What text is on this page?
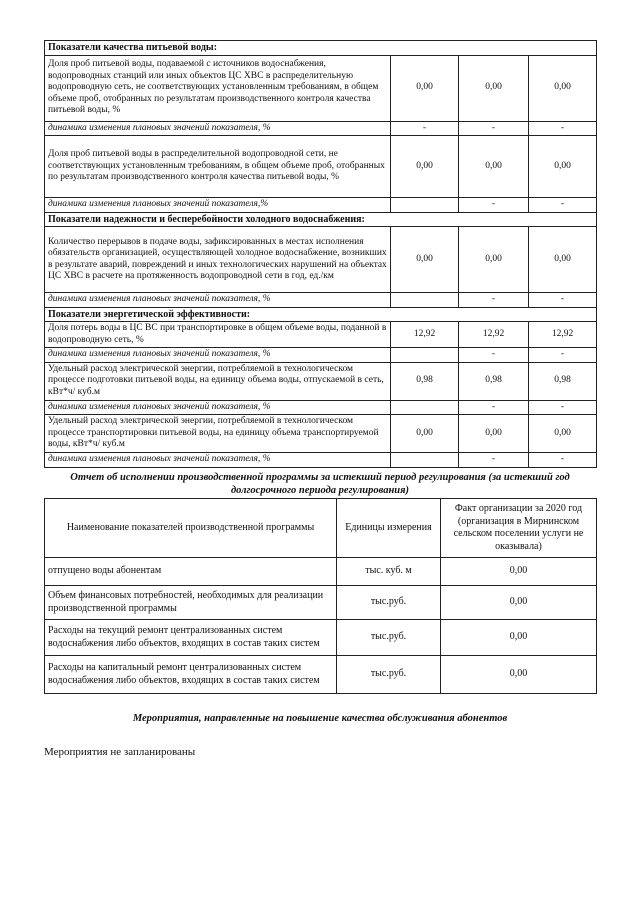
Показатели качества питьевой воды:			
Доля проб питьевой воды, подаваемой с источников водоснабжения, водопроводных станций или иных объектов ЦС ХВС в распределительную водопроводную сеть, не соответствующих установленным требованиям, в общем объеме проб, отобранных по результатам производственного контроля качества питьевой воды, %	0,00	0,00	0,00
динамика изменения плановых значений показателя, %	-	-	-
Доля проб питьевой воды в распределительной водопроводной сети, не соответствующих установленным требованиям, в общем объеме проб, отобранных по результатам производственного контроля качества питьевой воды, %	0,00	0,00	0,00
динамика изменения плановых значений показателя,%		-	-
Показатели надежности и бесперебойности холодного водоснабжения:			
Количество перерывов в подаче воды, зафиксированных в местах исполнения обязательств организацией, осуществляющей холодное водоснабжение, возникших в результате аварий, повреждений и иных технологических нарушений на объектах ЦС ХВС в расчете на протяженность водопроводной сети в год, ед./км	0,00	0,00	0,00
динамика изменения плановых значений показателя, %		-	-
Показатели энергетической эффективности:			
Доля потерь воды в ЦС ВС при транспортировке в общем объеме воды, поданной в водопроводную сеть, %	12,92	12,92	12,92
динамика изменения плановых значений показателя, %		-	-
Удельный расход электрической энергии, потребляемой в технологическом процессе подготовки питьевой воды, на единицу объема воды, отпускаемой в сеть, кВт*ч/ куб.м	0,98	0,98	0,98
динамика изменения плановых значений показателя, %		-	-
Удельный расход электрической энергии, потребляемой в технологическом процессе транспортировки питьевой воды, на единицу объема транспортируемой воды, кВт*ч/ куб.м	0,00	0,00	0,00
динамика изменения плановых значений показателя, %		-	-
Отчет об исполнении производственной программы за истекший период регулирования (за истекший год долгосрочного периода регулирования)
Наименование показателей производственной программы	Единицы измерения	Факт организации за 2020 год (организация в Мирнинском сельском поселении услуги не оказывала)
отпущено воды абонентам	тыс. куб. м	0,00
Объем финансовых потребностей, необходимых для реализации производственной программы	тыс.руб.	0,00
Расходы на текущий ремонт централизованных систем водоснабжения либо объектов, входящих в состав таких систем	тыс.руб.	0,00
Расходы на капитальный ремонт централизованных систем водоснабжения либо объектов, входящих в состав таких систем	тыс.руб.	0,00
Мероприятия, направленные на повышение качества обслуживания абонентов
Мероприятия не запланированы
